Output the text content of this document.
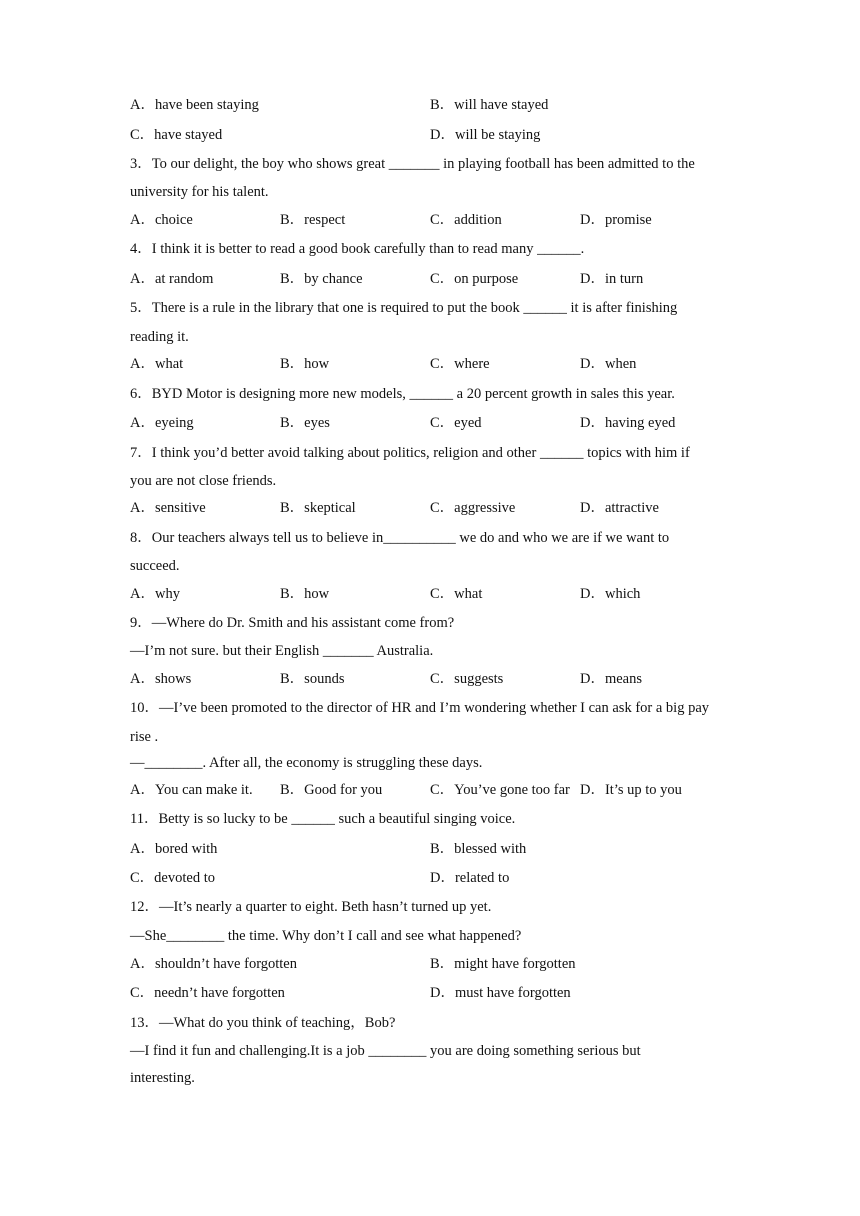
A．have been staying	B．will have stayed
C．have stayed	D．will be staying
3．To our delight, the boy who shows great _______ in playing football has been admitted to the
university for his talent.
A．choice	B．respect	C．addition	D．promise
4．I think it is better to read a good book carefully than to read many ______.
A．at random	B．by chance	C．on purpose	D．in turn
5．There is a rule in the library that one is required to put the book ______ it is after finishing
reading it.
A．what	B．how	C．where	D．when
6．BYD Motor is designing more new models, ______ a 20 percent growth in sales this year.
A．eyeing	B．eyes	C．eyed	D．having eyed
7．I think you’d better avoid talking about politics, religion and other ______ topics with him if
you are not close friends.
A．sensitive	B．skeptical	C．aggressive	D．attractive
8．Our teachers always tell us to believe in__________ we do and who we are if we want to
succeed.
A．why	B．how	C．what	D．which
9．—Where do Dr. Smith and his assistant come from?
—I’m not sure. but their English _______ Australia.
A．shows	B．sounds	C．suggests	D．means
10．—I’ve been promoted to the director of HR and I’m wondering whether I can ask for a big pay
rise .
—________. After all, the economy is struggling these days.
A．You can make it. B．Good for you	C．You’ve gone too far D．It’s up to you
11．Betty is so lucky to be ______ such a beautiful singing voice.
A．bored with	B．blessed with
C．devoted to	D．related to
12．—It’s nearly a quarter to eight. Beth hasn’t turned up yet.
—She________ the time. Why don’t I call and see what happened?
A．shouldn’t have forgotten	B．might have forgotten
C．needn’t have forgotten	D．must have forgotten
13．—What do you think of teaching，Bob?
—I find it fun and challenging.It is a job ________ you are doing something serious but
interesting.
